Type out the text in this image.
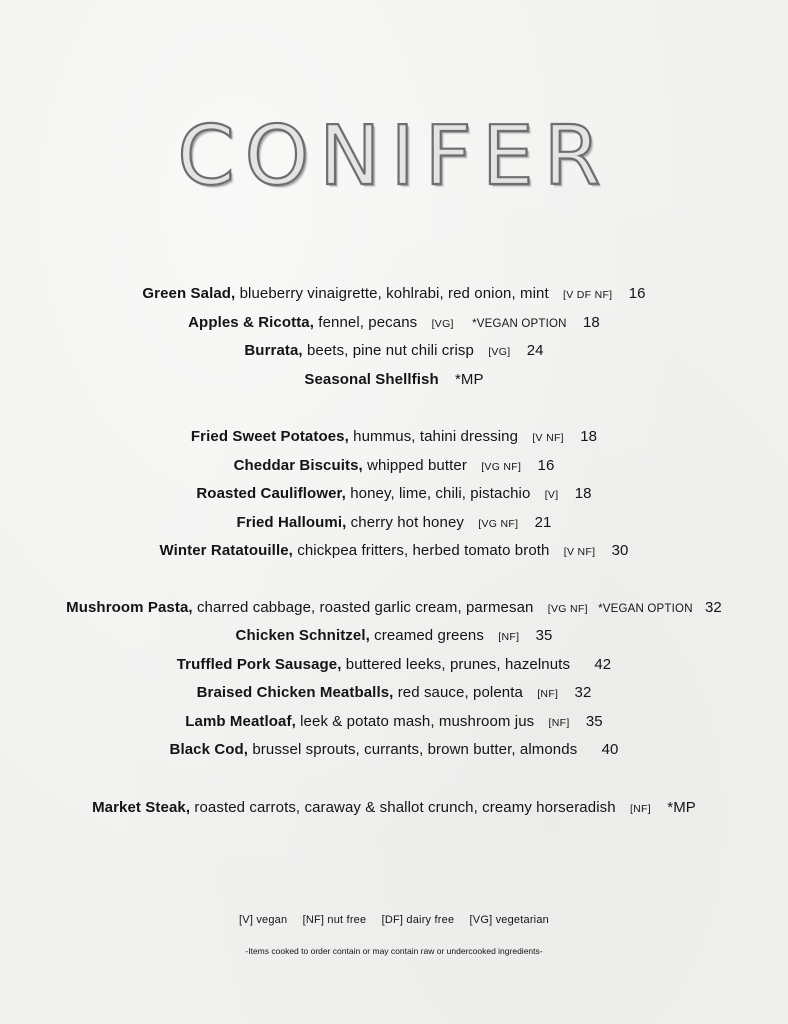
CONIFER
Green Salad, blueberry vinaigrette, kohlrabi, red onion, mint [V DF NF] 16
Apples & Ricotta, fennel, pecans [VG] *VEGAN OPTION 18
Burrata, beets, pine nut chili crisp [VG] 24
Seasonal Shellfish *MP
Fried Sweet Potatoes, hummus, tahini dressing [V NF] 18
Cheddar Biscuits, whipped butter [VG NF] 16
Roasted Cauliflower, honey, lime, chili, pistachio [V] 18
Fried Halloumi, cherry hot honey [VG NF] 21
Winter Ratatouille, chickpea fritters, herbed tomato broth [V NF] 30
Mushroom Pasta, charred cabbage, roasted garlic cream, parmesan [VG NF] *VEGAN OPTION 32
Chicken Schnitzel, creamed greens [NF] 35
Truffled Pork Sausage, buttered leeks, prunes, hazelnuts 42
Braised Chicken Meatballs, red sauce, polenta [NF] 32
Lamb Meatloaf, leek & potato mash, mushroom jus [NF] 35
Black Cod, brussel sprouts, currants, brown butter, almonds 40
Market Steak, roasted carrots, caraway & shallot crunch, creamy horseradish [NF] *MP
[V] vegan [NF] nut free [DF] dairy free [VG] vegetarian
-Items cooked to order contain or may contain raw or undercooked ingredients-
